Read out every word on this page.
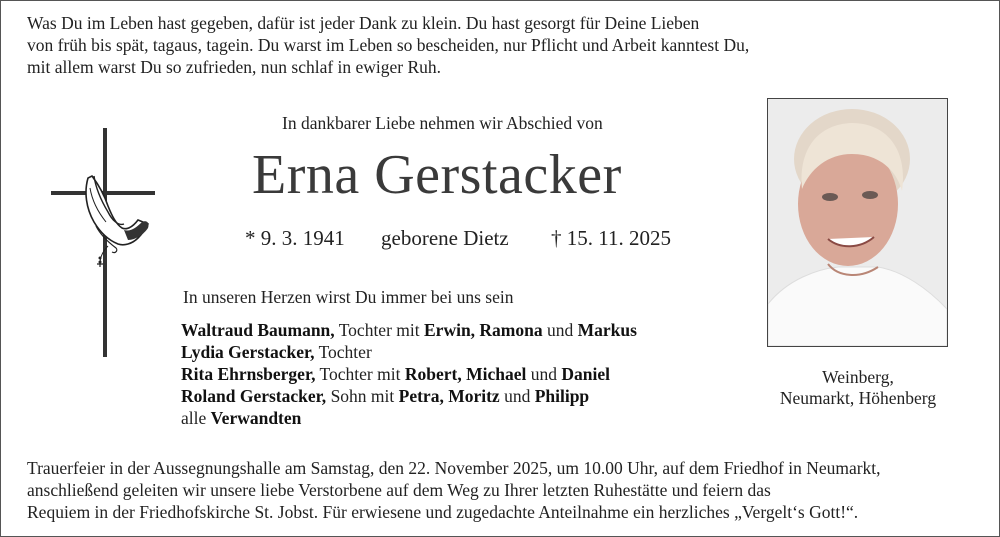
Was Du im Leben hast gegeben, dafür ist jeder Dank zu klein. Du hast gesorgt für Deine Lieben
von früh bis spät, tagaus, tagein. Du warst im Leben so bescheiden, nur Pflicht und Arbeit kanntest Du,
mit allem warst Du so zufrieden, nun schlaf in ewiger Ruh.
In dankbarer Liebe nehmen wir Abschied von
Erna Gerstacker
* 9. 3. 1941 geborene Dietz † 15. 11. 2025
In unseren Herzen wirst Du immer bei uns sein
Waltraud Baumann, Tochter mit Erwin, Ramona und Markus
Lydia Gerstacker, Tochter
Rita Ehrnsberger, Tochter mit Robert, Michael und Daniel
Roland Gerstacker, Sohn mit Petra, Moritz und Philipp
alle Verwandten
Weinberg,
Neumarkt, Höhenberg
Trauerfeier in der Aussegnungshalle am Samstag, den 22. November 2025, um 10.00 Uhr, auf dem Friedhof in Neumarkt,
anschließend geleiten wir unsere liebe Verstorbene auf dem Weg zu Ihrer letzten Ruhestätte und feiern das
Requiem in der Friedhofskirche St. Jobst. Für erwiesene und zugedachte Anteilnahme ein herzliches „Vergelt‘s Gott!“.
